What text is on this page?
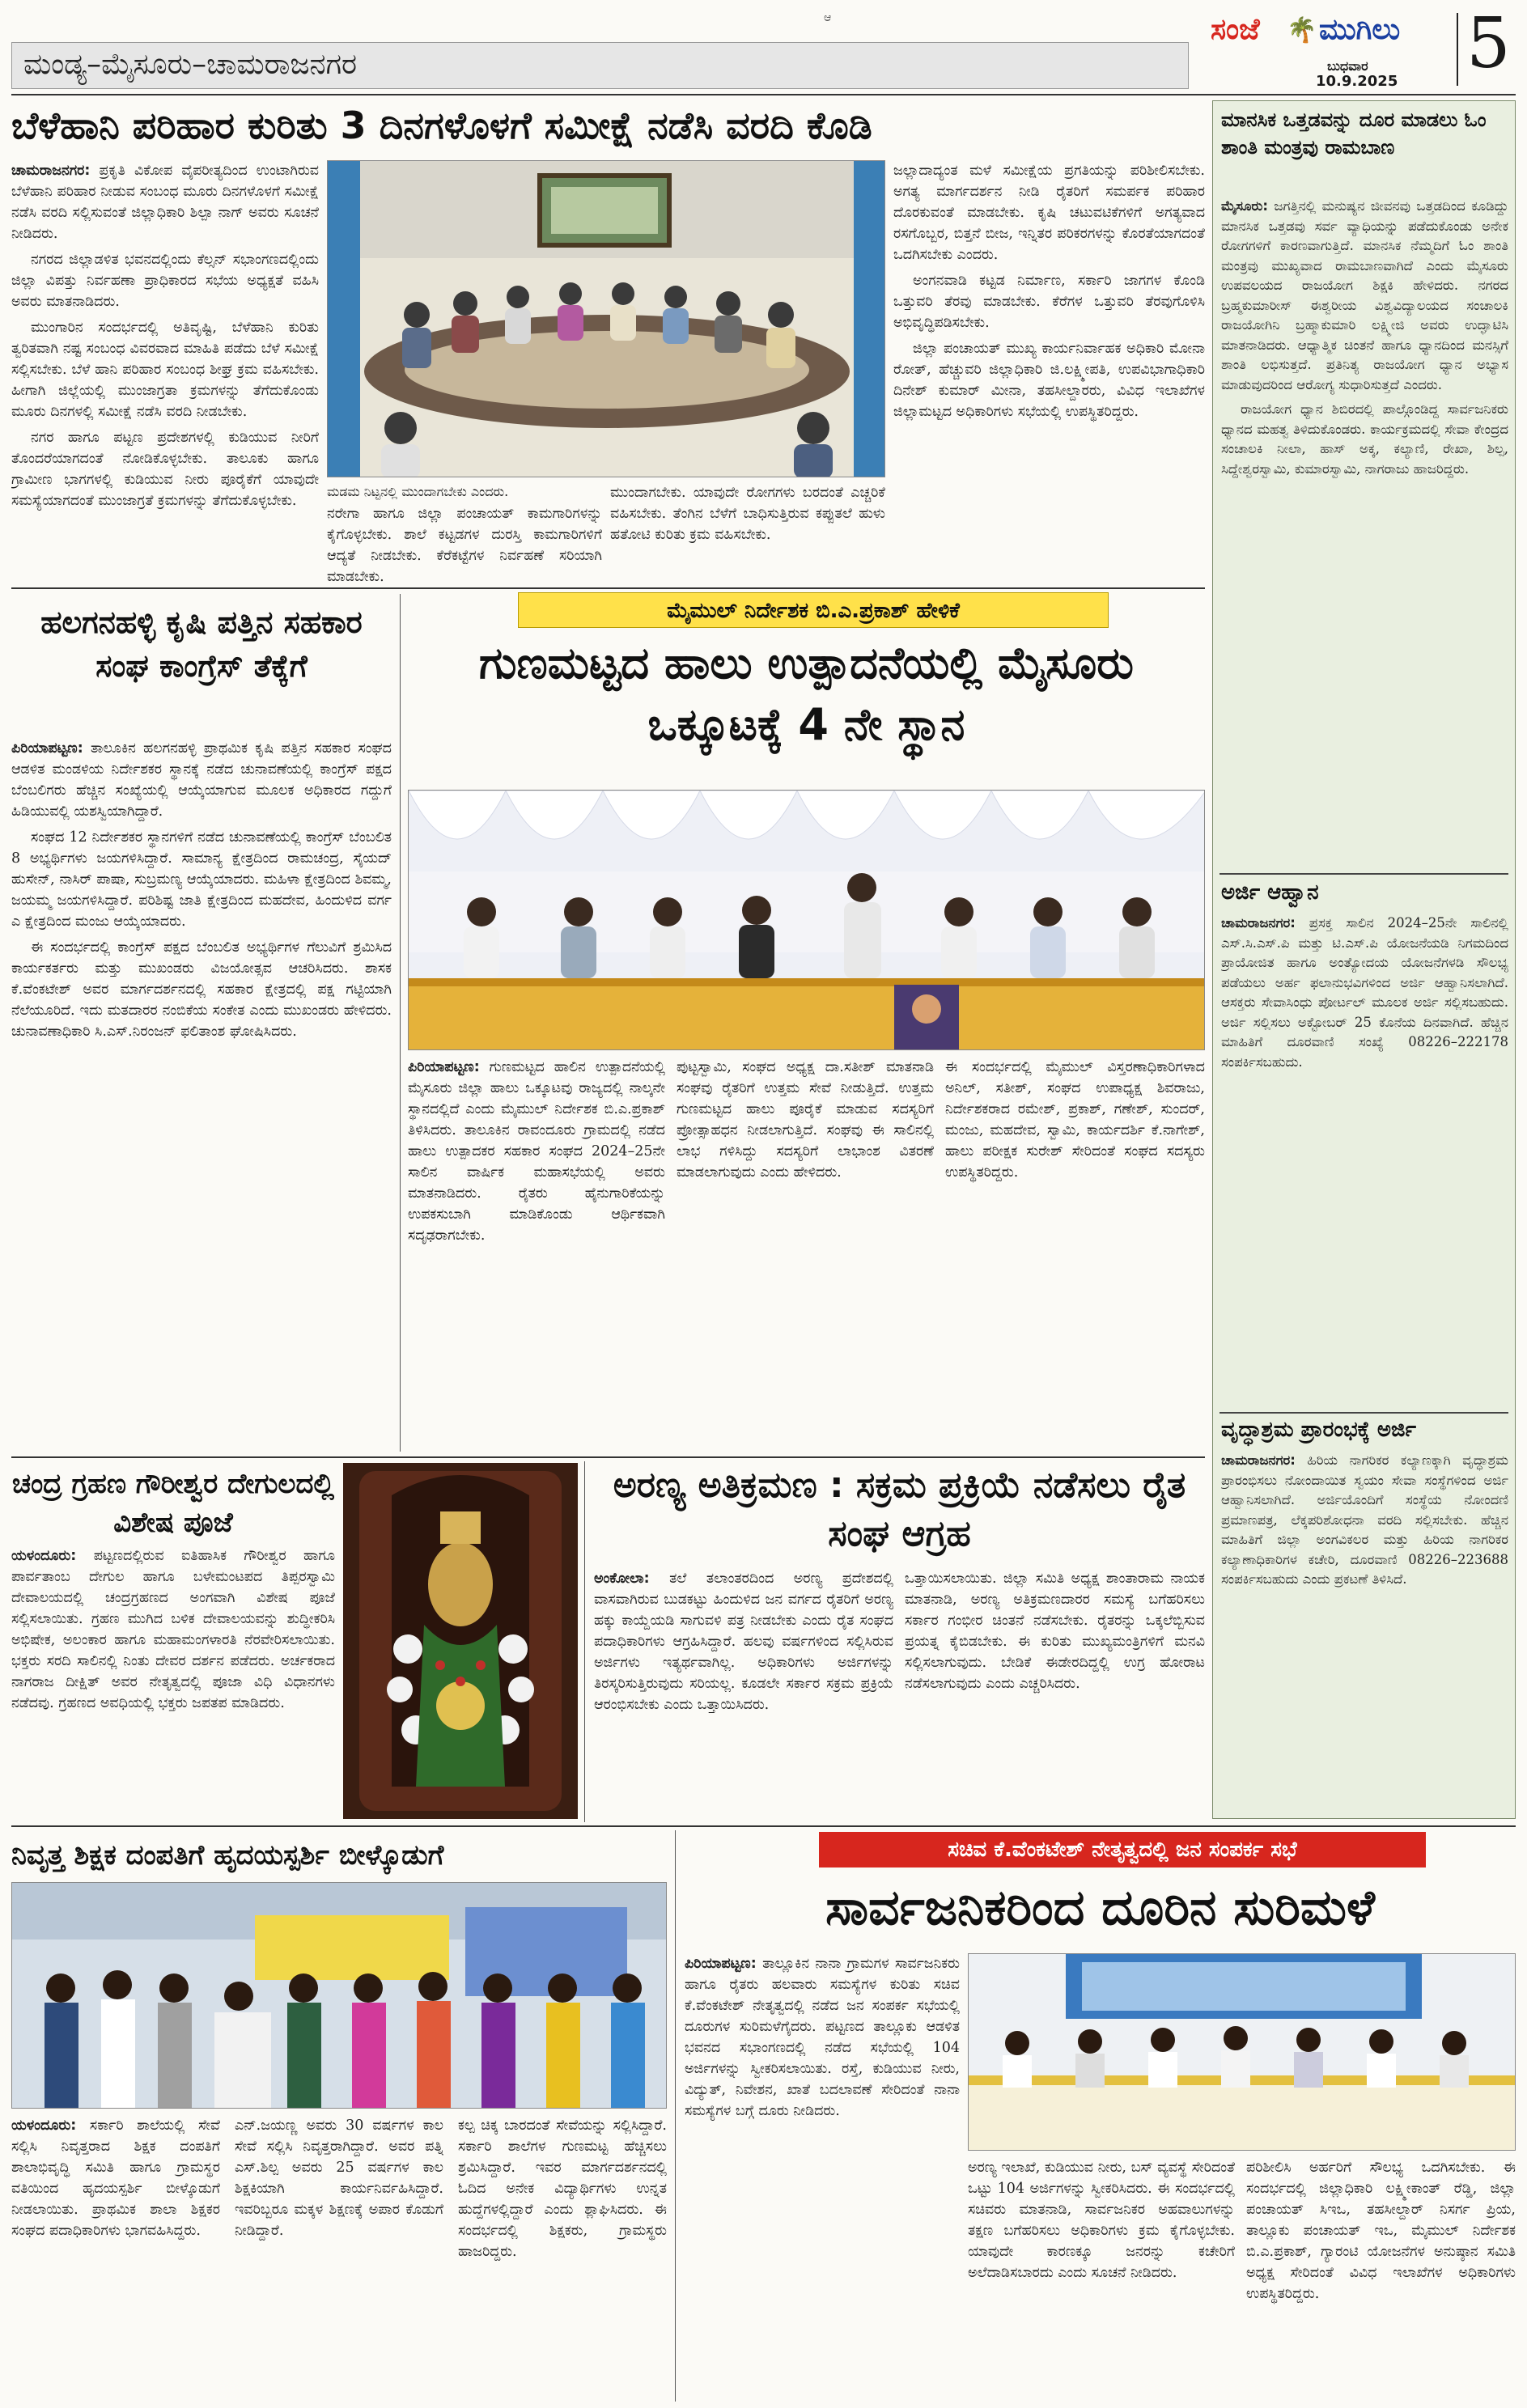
ಆ
ಮಂಡ್ಯ–ಮೈಸೂರು–ಚಾಮರಾಜನಗರ
ಸಂಜೆ 🌴 ಮುಗಿಲು
ಬುಧವಾರ
10.9.2025 5
ಬೆಳೆಹಾನಿ ಪರಿಹಾರ ಕುರಿತು 3 ದಿನಗಳೊಳಗೆ ಸಮೀಕ್ಷೆ ನಡೆಸಿ ವರದಿ ಕೊಡಿ

ಚಾಮರಾಜನಗರ: ಪ್ರಕೃತಿ ವಿಕೋಪ ವೈಪರೀತ್ಯದಿಂದ ಉಂಟಾಗಿರುವ ಬೆಳೆಹಾನಿ ಪರಿಹಾರ ನೀಡುವ ಸಂಬಂಧ ಮೂರು ದಿನಗಳೊಳಗೆ ಸಮೀಕ್ಷೆ ನಡೆಸಿ ವರದಿ ಸಲ್ಲಿಸುವಂತೆ ಜಿಲ್ಲಾಧಿಕಾರಿ ಶಿಲ್ಪಾ ನಾಗ್ ಅವರು ಸೂಚನೆ ನೀಡಿದರು.

ನಗರದ ಜಿಲ್ಲಾಡಳಿತ ಭವನದಲ್ಲಿಂದು ಕೆಲ್ಸನ್ ಸಭಾಂಗಣದಲ್ಲಿಂದು ಜಿಲ್ಲಾ ವಿಪತ್ತು ನಿರ್ವಹಣಾ ಪ್ರಾಧಿಕಾರದ ಸಭೆಯ ಅಧ್ಯಕ್ಷತೆ ವಹಿಸಿ ಅವರು ಮಾತನಾಡಿದರು.

ಮುಂಗಾರಿನ ಸಂದರ್ಭದಲ್ಲಿ ಅತಿವೃಷ್ಟಿ, ಬೆಳೆಹಾನಿ ಕುರಿತು ತ್ವರಿತವಾಗಿ ನಷ್ಟ ಸಂಬಂಧ ವಿವರವಾದ ಮಾಹಿತಿ ಪಡೆದು ಬೆಳೆ ಸಮೀಕ್ಷೆ ಸಲ್ಲಿಸಬೇಕು. ಬೆಳೆ ಹಾನಿ ಪರಿಹಾರ ಸಂಬಂಧ ಶೀಘ್ರ ಕ್ರಮ ವಹಿಸಬೇಕು. ಹೀಗಾಗಿ ಜಿಲ್ಲೆಯಲ್ಲಿ ಮುಂಜಾಗ್ರತಾ ಕ್ರಮಗಳನ್ನು ತೆಗೆದುಕೊಂಡು ಮೂರು ದಿನಗಳಲ್ಲಿ ಸಮೀಕ್ಷೆ ನಡೆಸಿ ವರದಿ ನೀಡಬೇಕು.

ನಗರ ಹಾಗೂ ಪಟ್ಟಣ ಪ್ರದೇಶಗಳಲ್ಲಿ ಕುಡಿಯುವ ನೀರಿಗೆ ತೊಂದರೆಯಾಗದಂತೆ ನೋಡಿಕೊಳ್ಳಬೇಕು. ತಾಲೂಕು ಹಾಗೂ ಗ್ರಾಮೀಣ ಭಾಗಗಳಲ್ಲಿ ಕುಡಿಯುವ ನೀರು ಪೂರೈಕೆಗೆ ಯಾವುದೇ ಸಮಸ್ಯೆಯಾಗದಂತೆ ಮುಂಜಾಗ್ರತೆ ಕ್ರಮಗಳನ್ನು ತೆಗೆದುಕೊಳ್ಳಬೇಕು.

ಮಡಮ ನಿಟ್ಟನಲ್ಲಿ ಮುಂದಾಗಬೇಕು ಎಂದರು.
ನರೇಗಾ ಹಾಗೂ ಜಿಲ್ಲಾ ಪಂಚಾಯತ್ ಕಾಮಗಾರಿಗಳನ್ನು ಕೈಗೊಳ್ಳಬೇಕು. ಶಾಲೆ ಕಟ್ಟಡಗಳ ದುರಸ್ತಿ ಕಾಮಗಾರಿಗಳಿಗೆ ಆದ್ಯತೆ ನೀಡಬೇಕು. ಕೆರೆಕಟ್ಟೆಗಳ ನಿರ್ವಹಣೆ ಸರಿಯಾಗಿ ಮಾಡಬೇಕು.
ಮುಂದಾಗಬೇಕು. ಯಾವುದೇ ರೋಗಗಳು ಬರದಂತೆ ಎಚ್ಚರಿಕೆ ವಹಿಸಬೇಕು. ತೆಂಗಿನ ಬೆಳೆಗೆ ಬಾಧಿಸುತ್ತಿರುವ ಕಪ್ಪುತಲೆ ಹುಳು ಹತೋಟಿ ಕುರಿತು ಕ್ರಮ ವಹಿಸಬೇಕು.

ಜಲ್ಲಾದಾದ್ಯಂತ ಮಳೆ ಸಮೀಕ್ಷೆಯ ಪ್ರಗತಿಯನ್ನು ಪರಿಶೀಲಿಸಬೇಕು. ಅಗತ್ಯ ಮಾರ್ಗದರ್ಶನ ನೀಡಿ ರೈತರಿಗೆ ಸಮರ್ಪಕ ಪರಿಹಾರ ದೊರಕುವಂತೆ ಮಾಡಬೇಕು. ಕೃಷಿ ಚಟುವಟಿಕೆಗಳಿಗೆ ಅಗತ್ಯವಾದ ರಸಗೊಬ್ಬರ, ಬಿತ್ತನೆ ಬೀಜ, ಇನ್ನಿತರ ಪರಿಕರಗಳನ್ನು ಕೊರತೆಯಾಗದಂತೆ ಒದಗಿಸಬೇಕು ಎಂದರು.

ಅಂಗನವಾಡಿ ಕಟ್ಟಡ ನಿರ್ಮಾಣ, ಸರ್ಕಾರಿ ಜಾಗಗಳ ಕೊಂಡಿ ಒತ್ತುವರಿ ತೆರವು ಮಾಡಬೇಕು. ಕೆರೆಗಳ ಒತ್ತುವರಿ ತೆರವುಗೊಳಿಸಿ ಅಭಿವೃದ್ಧಿಪಡಿಸಬೇಕು.

ಜಿಲ್ಲಾ ಪಂಚಾಯತ್ ಮುಖ್ಯ ಕಾರ್ಯನಿರ್ವಾಹಕ ಅಧಿಕಾರಿ ಮೋನಾ ರೋತ್, ಹೆಚ್ಚುವರಿ ಜಿಲ್ಲಾಧಿಕಾರಿ ಜಿ.ಲಕ್ಷ್ಮೀಪತಿ, ಉಪವಿಭಾಗಾಧಿಕಾರಿ ದಿನೇಶ್ ಕುಮಾರ್ ಮೀನಾ, ತಹಸೀಲ್ದಾರರು, ವಿವಿಧ ಇಲಾಖೆಗಳ ಜಿಲ್ಲಾಮಟ್ಟದ ಅಧಿಕಾರಿಗಳು ಸಭೆಯಲ್ಲಿ ಉಪಸ್ಥಿತರಿದ್ದರು.

ಮಾನಸಿಕ ಒತ್ತಡವನ್ನು ದೂರ ಮಾಡಲು ಓಂ ಶಾಂತಿ ಮಂತ್ರವು ರಾಮಬಾಣ

ಮೈಸೂರು: ಜಗತ್ತಿನಲ್ಲಿ ಮನುಷ್ಯನ ಜೀವನವು ಒತ್ತಡದಿಂದ ಕೂಡಿದ್ದು ಮಾನಸಿಕ ಒತ್ತಡವು ಸರ್ವ ವ್ಯಾಧಿಯನ್ನು ಪಡೆದುಕೊಂಡು ಅನೇಕ ರೋಗಗಳಿಗೆ ಕಾರಣವಾಗುತ್ತಿದೆ. ಮಾನಸಿಕ ನೆಮ್ಮದಿಗೆ ಓಂ ಶಾಂತಿ ಮಂತ್ರವು ಮುಖ್ಯವಾದ ರಾಮಬಾಣವಾಗಿದೆ ಎಂದು ಮೈಸೂರು ಉಪವಲಯದ ರಾಜಯೋಗ ಶಿಕ್ಷಕಿ ಹೇಳಿದರು. ನಗರದ ಬ್ರಹ್ಮಕುಮಾರೀಸ್ ಈಶ್ವರೀಯ ವಿಶ್ವವಿದ್ಯಾಲಯದ ಸಂಚಾಲಕಿ ರಾಜಯೋಗಿನಿ ಬ್ರಹ್ಮಾಕುಮಾರಿ ಲಕ್ಷ್ಮೀಜಿ ಅವರು ಉದ್ಘಾಟಿಸಿ ಮಾತನಾಡಿದರು. ಆಧ್ಯಾತ್ಮಿಕ ಚಿಂತನೆ ಹಾಗೂ ಧ್ಯಾನದಿಂದ ಮನಸ್ಸಿಗೆ ಶಾಂತಿ ಲಭಿಸುತ್ತದೆ. ಪ್ರತಿನಿತ್ಯ ರಾಜಯೋಗ ಧ್ಯಾನ ಅಭ್ಯಾಸ ಮಾಡುವುದರಿಂದ ಆರೋಗ್ಯ ಸುಧಾರಿಸುತ್ತದೆ ಎಂದರು.

ರಾಜಯೋಗ ಧ್ಯಾನ ಶಿಬಿರದಲ್ಲಿ ಪಾಲ್ಗೊಂಡಿದ್ದ ಸಾರ್ವಜನಿಕರು ಧ್ಯಾನದ ಮಹತ್ವ ತಿಳಿದುಕೊಂಡರು. ಕಾರ್ಯಕ್ರಮದಲ್ಲಿ ಸೇವಾ ಕೇಂದ್ರದ ಸಂಚಾಲಕಿ ನೀಲಾ, ಹಾಸ್ ಅಕ್ಕ, ಕಲ್ಯಾಣಿ, ರೇಖಾ, ಶಿಲ್ಪ, ಸಿದ್ದೇಶ್ವರಸ್ವಾಮಿ, ಕುಮಾರಸ್ವಾಮಿ, ನಾಗರಾಜು ಹಾಜರಿದ್ದರು.

ಅರ್ಜಿ ಆಹ್ವಾನ

ಚಾಮರಾಜನಗರ: ಪ್ರಸಕ್ತ ಸಾಲಿನ 2024–25ನೇ ಸಾಲಿನಲ್ಲಿ ಎಸ್.ಸಿ.ಎಸ್.ಪಿ ಮತ್ತು ಟಿ.ಎಸ್.ಪಿ ಯೋಜನೆಯಡಿ ನಿಗಮದಿಂದ ಪ್ರಾಯೋಜಿತ ಹಾಗೂ ಅಂತ್ಯೋದಯ ಯೋಜನೆಗಳಡಿ ಸೌಲಭ್ಯ ಪಡೆಯಲು ಅರ್ಹ ಫಲಾನುಭವಿಗಳಿಂದ ಅರ್ಜಿ ಆಹ್ವಾನಿಸಲಾಗಿದೆ. ಆಸಕ್ತರು ಸೇವಾಸಿಂಧು ಪೋರ್ಟಲ್ ಮೂಲಕ ಅರ್ಜಿ ಸಲ್ಲಿಸಬಹುದು. ಅರ್ಜಿ ಸಲ್ಲಿಸಲು ಅಕ್ಟೋಬರ್ 25 ಕೊನೆಯ ದಿನವಾಗಿದೆ. ಹೆಚ್ಚಿನ ಮಾಹಿತಿಗೆ ದೂರವಾಣಿ ಸಂಖ್ಯೆ 08226–222178 ಸಂಪರ್ಕಿಸಬಹುದು.

ವೃದ್ಧಾಶ್ರಮ ಪ್ರಾರಂಭಕ್ಕೆ ಅರ್ಜಿ

ಚಾಮರಾಜನಗರ: ಹಿರಿಯ ನಾಗರಿಕರ ಕಲ್ಯಾಣಕ್ಕಾಗಿ ವೃದ್ಧಾಶ್ರಮ ಪ್ರಾರಂಭಿಸಲು ನೋಂದಾಯಿತ ಸ್ವಯಂ ಸೇವಾ ಸಂಸ್ಥೆಗಳಿಂದ ಅರ್ಜಿ ಆಹ್ವಾನಿಸಲಾಗಿದೆ. ಅರ್ಜಿಯೊಂದಿಗೆ ಸಂಸ್ಥೆಯ ನೋಂದಣಿ ಪ್ರಮಾಣಪತ್ರ, ಲೆಕ್ಕಪರಿಶೋಧನಾ ವರದಿ ಸಲ್ಲಿಸಬೇಕು. ಹೆಚ್ಚಿನ ಮಾಹಿತಿಗೆ ಜಿಲ್ಲಾ ಅಂಗವಿಕಲರ ಮತ್ತು ಹಿರಿಯ ನಾಗರಿಕರ ಕಲ್ಯಾಣಾಧಿಕಾರಿಗಳ ಕಚೇರಿ, ದೂರವಾಣಿ 08226–223688 ಸಂಪರ್ಕಿಸಬಹುದು ಎಂದು ಪ್ರಕಟಣೆ ತಿಳಿಸಿದೆ.

ಹಲಗನಹಳ್ಳಿ ಕೃಷಿ ಪತ್ತಿನ ಸಹಕಾರ ಸಂಘ ಕಾಂಗ್ರೆಸ್ ತೆಕ್ಕೆಗೆ

ಪಿರಿಯಾಪಟ್ಟಣ: ತಾಲೂಕಿನ ಹಲಗನಹಳ್ಳಿ ಪ್ರಾಥಮಿಕ ಕೃಷಿ ಪತ್ತಿನ ಸಹಕಾರ ಸಂಘದ ಆಡಳಿತ ಮಂಡಳಿಯ ನಿರ್ದೇಶಕರ ಸ್ಥಾನಕ್ಕೆ ನಡೆದ ಚುನಾವಣೆಯಲ್ಲಿ ಕಾಂಗ್ರೆಸ್ ಪಕ್ಷದ ಬೆಂಬಲಿಗರು ಹೆಚ್ಚಿನ ಸಂಖ್ಯೆಯಲ್ಲಿ ಆಯ್ಕೆಯಾಗುವ ಮೂಲಕ ಅಧಿಕಾರದ ಗದ್ದುಗೆ ಹಿಡಿಯುವಲ್ಲಿ ಯಶಸ್ವಿಯಾಗಿದ್ದಾರೆ.

ಸಂಘದ 12 ನಿರ್ದೇಶಕರ ಸ್ಥಾನಗಳಿಗೆ ನಡೆದ ಚುನಾವಣೆಯಲ್ಲಿ ಕಾಂಗ್ರೆಸ್ ಬೆಂಬಲಿತ 8 ಅಭ್ಯರ್ಥಿಗಳು ಜಯಗಳಿಸಿದ್ದಾರೆ. ಸಾಮಾನ್ಯ ಕ್ಷೇತ್ರದಿಂದ ರಾಮಚಂದ್ರ, ಸೈಯದ್ ಹುಸೇನ್, ನಾಸಿರ್ ಪಾಷಾ, ಸುಬ್ರಮಣ್ಯ ಆಯ್ಕೆಯಾದರು. ಮಹಿಳಾ ಕ್ಷೇತ್ರದಿಂದ ಶಿವಮ್ಮ, ಜಯಮ್ಮ ಜಯಗಳಿಸಿದ್ದಾರೆ. ಪರಿಶಿಷ್ಟ ಜಾತಿ ಕ್ಷೇತ್ರದಿಂದ ಮಹದೇವ, ಹಿಂದುಳಿದ ವರ್ಗ ಎ ಕ್ಷೇತ್ರದಿಂದ ಮಂಜು ಆಯ್ಕೆಯಾದರು.

ಈ ಸಂದರ್ಭದಲ್ಲಿ ಕಾಂಗ್ರೆಸ್ ಪಕ್ಷದ ಬೆಂಬಲಿತ ಅಭ್ಯರ್ಥಿಗಳ ಗೆಲುವಿಗೆ ಶ್ರಮಿಸಿದ ಕಾರ್ಯಕರ್ತರು ಮತ್ತು ಮುಖಂಡರು ವಿಜಯೋತ್ಸವ ಆಚರಿಸಿದರು. ಶಾಸಕ ಕೆ.ವೆಂಕಟೇಶ್ ಅವರ ಮಾರ್ಗದರ್ಶನದಲ್ಲಿ ಸಹಕಾರ ಕ್ಷೇತ್ರದಲ್ಲಿ ಪಕ್ಷ ಗಟ್ಟಿಯಾಗಿ ನೆಲೆಯೂರಿದೆ. ಇದು ಮತದಾರರ ನಂಬಿಕೆಯ ಸಂಕೇತ ಎಂದು ಮುಖಂಡರು ಹೇಳಿದರು. ಚುನಾವಣಾಧಿಕಾರಿ ಸಿ.ಎಸ್.ನಿರಂಜನ್ ಫಲಿತಾಂಶ ಘೋಷಿಸಿದರು.

ಮೈಮುಲ್ ನಿರ್ದೇಶಕ ಬಿ.ಎ.ಪ್ರಕಾಶ್ ಹೇಳಿಕೆ
ಗುಣಮಟ್ಟದ ಹಾಲು ಉತ್ಪಾದನೆಯಲ್ಲಿ ಮೈಸೂರು ಒಕ್ಕೂಟಕ್ಕೆ 4 ನೇ ಸ್ಥಾನ

ಪಿರಿಯಾಪಟ್ಟಣ: ಗುಣಮಟ್ಟದ ಹಾಲಿನ ಉತ್ಪಾದನೆಯಲ್ಲಿ ಮೈಸೂರು ಜಿಲ್ಲಾ ಹಾಲು ಒಕ್ಕೂಟವು ರಾಜ್ಯದಲ್ಲಿ ನಾಲ್ಕನೇ ಸ್ಥಾನದಲ್ಲಿದೆ ಎಂದು ಮೈಮುಲ್ ನಿರ್ದೇಶಕ ಬಿ.ಎ.ಪ್ರಕಾಶ್ ತಿಳಿಸಿದರು. ತಾಲೂಕಿನ ರಾವಂದೂರು ಗ್ರಾಮದಲ್ಲಿ ನಡೆದ ಹಾಲು ಉತ್ಪಾದಕರ ಸಹಕಾರ ಸಂಘದ 2024–25ನೇ ಸಾಲಿನ ವಾರ್ಷಿಕ ಮಹಾಸಭೆಯಲ್ಲಿ ಅವರು ಮಾತನಾಡಿದರು. ರೈತರು ಹೈನುಗಾರಿಕೆಯನ್ನು ಉಪಕಸುಬಾಗಿ ಮಾಡಿಕೊಂಡು ಆರ್ಥಿಕವಾಗಿ ಸದೃಢರಾಗಬೇಕು.

ಪುಟ್ಟಸ್ವಾಮಿ, ಸಂಘದ ಅಧ್ಯಕ್ಷ ದಾ.ಸತೀಶ್ ಮಾತನಾಡಿ ಸಂಘವು ರೈತರಿಗೆ ಉತ್ತಮ ಸೇವೆ ನೀಡುತ್ತಿದೆ. ಉತ್ತಮ ಗುಣಮಟ್ಟದ ಹಾಲು ಪೂರೈಕೆ ಮಾಡುವ ಸದಸ್ಯರಿಗೆ ಪ್ರೋತ್ಸಾಹಧನ ನೀಡಲಾಗುತ್ತಿದೆ. ಸಂಘವು ಈ ಸಾಲಿನಲ್ಲಿ ಲಾಭ ಗಳಿಸಿದ್ದು ಸದಸ್ಯರಿಗೆ ಲಾಭಾಂಶ ವಿತರಣೆ ಮಾಡಲಾಗುವುದು ಎಂದು ಹೇಳಿದರು.
ಈ ಸಂದರ್ಭದಲ್ಲಿ ಮೈಮುಲ್ ವಿಸ್ತರಣಾಧಿಕಾರಿಗಳಾದ ಅನಿಲ್, ಸತೀಶ್, ಸಂಘದ ಉಪಾಧ್ಯಕ್ಷ ಶಿವರಾಜು, ನಿರ್ದೇಶಕರಾದ ರಮೇಶ್, ಪ್ರಕಾಶ್, ಗಣೇಶ್, ಸುಂದರ್, ಮಂಜು, ಮಹದೇವ, ಸ್ವಾಮಿ, ಕಾರ್ಯದರ್ಶಿ ಕೆ.ನಾಗೇಶ್, ಹಾಲು ಪರೀಕ್ಷಕ ಸುರೇಶ್ ಸೇರಿದಂತೆ ಸಂಘದ ಸದಸ್ಯರು ಉಪಸ್ಥಿತರಿದ್ದರು.
ಚಂದ್ರ ಗ್ರಹಣ ಗೌರೀಶ್ವರ ದೇಗುಲದಲ್ಲಿ ವಿಶೇಷ ಪೂಜೆ

ಯಳಂದೂರು: ಪಟ್ಟಣದಲ್ಲಿರುವ ಐತಿಹಾಸಿಕ ಗೌರೀಶ್ವರ ಹಾಗೂ ಪಾರ್ವತಾಂಬ ದೇಗುಲ ಹಾಗೂ ಬಳೇಮಂಟಪದ ತಿಪ್ಪರಸ್ವಾಮಿ ದೇವಾಲಯದಲ್ಲಿ ಚಂದ್ರಗ್ರಹಣದ ಅಂಗವಾಗಿ ವಿಶೇಷ ಪೂಜೆ ಸಲ್ಲಿಸಲಾಯಿತು. ಗ್ರಹಣ ಮುಗಿದ ಬಳಿಕ ದೇವಾಲಯವನ್ನು ಶುದ್ಧೀಕರಿಸಿ ಅಭಿಷೇಕ, ಅಲಂಕಾರ ಹಾಗೂ ಮಹಾಮಂಗಳಾರತಿ ನೆರವೇರಿಸಲಾಯಿತು. ಭಕ್ತರು ಸರದಿ ಸಾಲಿನಲ್ಲಿ ನಿಂತು ದೇವರ ದರ್ಶನ ಪಡೆದರು. ಅರ್ಚಕರಾದ ನಾಗರಾಜ ದೀಕ್ಷಿತ್ ಅವರ ನೇತೃತ್ವದಲ್ಲಿ ಪೂಜಾ ವಿಧಿ ವಿಧಾನಗಳು ನಡೆದವು. ಗ್ರಹಣದ ಅವಧಿಯಲ್ಲಿ ಭಕ್ತರು ಜಪತಪ ಮಾಡಿದರು.

ಅರಣ್ಯ ಅತಿಕ್ರಮಣ : ಸಕ್ರಮ ಪ್ರಕ್ರಿಯೆ ನಡೆಸಲು ರೈತ ಸಂಘ ಆಗ್ರಹ

ಅಂಕೋಲಾ: ತಲೆ ತಲಾಂತರದಿಂದ ಅರಣ್ಯ ಪ್ರದೇಶದಲ್ಲಿ ವಾಸವಾಗಿರುವ ಬುಡಕಟ್ಟು ಹಿಂದುಳಿದ ಜನ ವರ್ಗದ ರೈತರಿಗೆ ಅರಣ್ಯ ಹಕ್ಕು ಕಾಯ್ದೆಯಡಿ ಸಾಗುವಳಿ ಪತ್ರ ನೀಡಬೇಕು ಎಂದು ರೈತ ಸಂಘದ ಪದಾಧಿಕಾರಿಗಳು ಆಗ್ರಹಿಸಿದ್ದಾರೆ. ಹಲವು ವರ್ಷಗಳಿಂದ ಸಲ್ಲಿಸಿರುವ ಅರ್ಜಿಗಳು ಇತ್ಯರ್ಥವಾಗಿಲ್ಲ. ಅಧಿಕಾರಿಗಳು ಅರ್ಜಿಗಳನ್ನು ತಿರಸ್ಕರಿಸುತ್ತಿರುವುದು ಸರಿಯಲ್ಲ. ಕೂಡಲೇ ಸರ್ಕಾರ ಸಕ್ರಮ ಪ್ರಕ್ರಿಯೆ ಆರಂಭಿಸಬೇಕು ಎಂದು ಒತ್ತಾಯಿಸಿದರು.

ಒತ್ತಾಯಿಸಲಾಯಿತು. ಜಿಲ್ಲಾ ಸಮಿತಿ ಅಧ್ಯಕ್ಷ ಶಾಂತಾರಾಮ ನಾಯಕ ಮಾತನಾಡಿ, ಅರಣ್ಯ ಅತಿಕ್ರಮಣದಾರರ ಸಮಸ್ಯೆ ಬಗೆಹರಿಸಲು ಸರ್ಕಾರ ಗಂಭೀರ ಚಿಂತನೆ ನಡೆಸಬೇಕು. ರೈತರನ್ನು ಒಕ್ಕಲೆಬ್ಬಿಸುವ ಪ್ರಯತ್ನ ಕೈಬಿಡಬೇಕು. ಈ ಕುರಿತು ಮುಖ್ಯಮಂತ್ರಿಗಳಿಗೆ ಮನವಿ ಸಲ್ಲಿಸಲಾಗುವುದು. ಬೇಡಿಕೆ ಈಡೇರದಿದ್ದಲ್ಲಿ ಉಗ್ರ ಹೋರಾಟ ನಡೆಸಲಾಗುವುದು ಎಂದು ಎಚ್ಚರಿಸಿದರು.
ನಿವೃತ್ತ ಶಿಕ್ಷಕ ದಂಪತಿಗೆ ಹೃದಯಸ್ಪರ್ಶಿ ಬೀಳ್ಕೊಡುಗೆ

ಯಳಂದೂರು: ಸರ್ಕಾರಿ ಶಾಲೆಯಲ್ಲಿ ಸೇವೆ ಸಲ್ಲಿಸಿ ನಿವೃತ್ತರಾದ ಶಿಕ್ಷಕ ದಂಪತಿಗೆ ಶಾಲಾಭಿವೃದ್ಧಿ ಸಮಿತಿ ಹಾಗೂ ಗ್ರಾಮಸ್ಥರ ವತಿಯಿಂದ ಹೃದಯಸ್ಪರ್ಶಿ ಬೀಳ್ಕೊಡುಗೆ ನೀಡಲಾಯಿತು. ಪ್ರಾಥಮಿಕ ಶಾಲಾ ಶಿಕ್ಷಕರ ಸಂಘದ ಪದಾಧಿಕಾರಿಗಳು ಭಾಗವಹಿಸಿದ್ದರು.

ಎನ್.ಜಯಣ್ಣ ಅವರು 30 ವರ್ಷಗಳ ಕಾಲ ಸೇವೆ ಸಲ್ಲಿಸಿ ನಿವೃತ್ತರಾಗಿದ್ದಾರೆ. ಅವರ ಪತ್ನಿ ಎಸ್.ಶಿಲ್ಪ ಅವರು 25 ವರ್ಷಗಳ ಕಾಲ ಶಿಕ್ಷಕಿಯಾಗಿ ಕಾರ್ಯನಿರ್ವಹಿಸಿದ್ದಾರೆ. ಇವರಿಬ್ಬರೂ ಮಕ್ಕಳ ಶಿಕ್ಷಣಕ್ಕೆ ಅಪಾರ ಕೊಡುಗೆ ನೀಡಿದ್ದಾರೆ.
ಕಲ್ಪ ಚಿಕ್ಕ ಬಾರದಂತೆ ಸೇವೆಯನ್ನು ಸಲ್ಲಿಸಿದ್ದಾರೆ. ಸರ್ಕಾರಿ ಶಾಲೆಗಳ ಗುಣಮಟ್ಟ ಹೆಚ್ಚಿಸಲು ಶ್ರಮಿಸಿದ್ದಾರೆ. ಇವರ ಮಾರ್ಗದರ್ಶನದಲ್ಲಿ ಓದಿದ ಅನೇಕ ವಿದ್ಯಾರ್ಥಿಗಳು ಉನ್ನತ ಹುದ್ದೆಗಳಲ್ಲಿದ್ದಾರೆ ಎಂದು ಶ್ಲಾಘಿಸಿದರು. ಈ ಸಂದರ್ಭದಲ್ಲಿ ಶಿಕ್ಷಕರು, ಗ್ರಾಮಸ್ಥರು ಹಾಜರಿದ್ದರು.
ಸಚಿವ ಕೆ.ವೆಂಕಟೇಶ್ ನೇತೃತ್ವದಲ್ಲಿ ಜನ ಸಂಪರ್ಕ ಸಭೆ
ಸಾರ್ವಜನಿಕರಿಂದ ದೂರಿನ ಸುರಿಮಳೆ

ಪಿರಿಯಾಪಟ್ಟಣ: ತಾಲ್ಲೂಕಿನ ನಾನಾ ಗ್ರಾಮಗಳ ಸಾರ್ವಜನಿಕರು ಹಾಗೂ ರೈತರು ಹಲವಾರು ಸಮಸ್ಯೆಗಳ ಕುರಿತು ಸಚಿವ ಕೆ.ವೆಂಕಟೇಶ್ ನೇತೃತ್ವದಲ್ಲಿ ನಡೆದ ಜನ ಸಂಪರ್ಕ ಸಭೆಯಲ್ಲಿ ದೂರುಗಳ ಸುರಿಮಳೆಗೈದರು. ಪಟ್ಟಣದ ತಾಲ್ಲೂಕು ಆಡಳಿತ ಭವನದ ಸಭಾಂಗಣದಲ್ಲಿ ನಡೆದ ಸಭೆಯಲ್ಲಿ 104 ಅರ್ಜಿಗಳನ್ನು ಸ್ವೀಕರಿಸಲಾಯಿತು. ರಸ್ತೆ, ಕುಡಿಯುವ ನೀರು, ವಿದ್ಯುತ್, ನಿವೇಶನ, ಖಾತೆ ಬದಲಾವಣೆ ಸೇರಿದಂತೆ ನಾನಾ ಸಮಸ್ಯೆಗಳ ಬಗ್ಗೆ ದೂರು ನೀಡಿದರು.

ಅರಣ್ಯ ಇಲಾಖೆ, ಕುಡಿಯುವ ನೀರು, ಬಸ್ ವ್ಯವಸ್ಥೆ ಸೇರಿದಂತೆ ಒಟ್ಟು 104 ಅರ್ಜಿಗಳನ್ನು ಸ್ವೀಕರಿಸಿದರು. ಈ ಸಂದರ್ಭದಲ್ಲಿ ಸಚಿವರು ಮಾತನಾಡಿ, ಸಾರ್ವಜನಿಕರ ಅಹವಾಲುಗಳನ್ನು ತಕ್ಷಣ ಬಗೆಹರಿಸಲು ಅಧಿಕಾರಿಗಳು ಕ್ರಮ ಕೈಗೊಳ್ಳಬೇಕು. ಯಾವುದೇ ಕಾರಣಕ್ಕೂ ಜನರನ್ನು ಕಚೇರಿಗೆ ಅಲೆದಾಡಿಸಬಾರದು ಎಂದು ಸೂಚನೆ ನೀಡಿದರು.
ಪರಿಶೀಲಿಸಿ ಅರ್ಹರಿಗೆ ಸೌಲಭ್ಯ ಒದಗಿಸಬೇಕು. ಈ ಸಂದರ್ಭದಲ್ಲಿ ಜಿಲ್ಲಾಧಿಕಾರಿ ಲಕ್ಷ್ಮೀಕಾಂತ್ ರೆಡ್ಡಿ, ಜಿಲ್ಲಾ ಪಂಚಾಯತ್ ಸಿಇಒ, ತಹಸೀಲ್ದಾರ್ ನಿಸರ್ಗ ಪ್ರಿಯ, ತಾಲ್ಲೂಕು ಪಂಚಾಯತ್ ಇಒ, ಮೈಮುಲ್ ನಿರ್ದೇಶಕ ಬಿ.ಎ.ಪ್ರಕಾಶ್, ಗ್ಯಾರಂಟಿ ಯೋಜನೆಗಳ ಅನುಷ್ಠಾನ ಸಮಿತಿ ಅಧ್ಯಕ್ಷ ಸೇರಿದಂತೆ ವಿವಿಧ ಇಲಾಖೆಗಳ ಅಧಿಕಾರಿಗಳು ಉಪಸ್ಥಿತರಿದ್ದರು.
